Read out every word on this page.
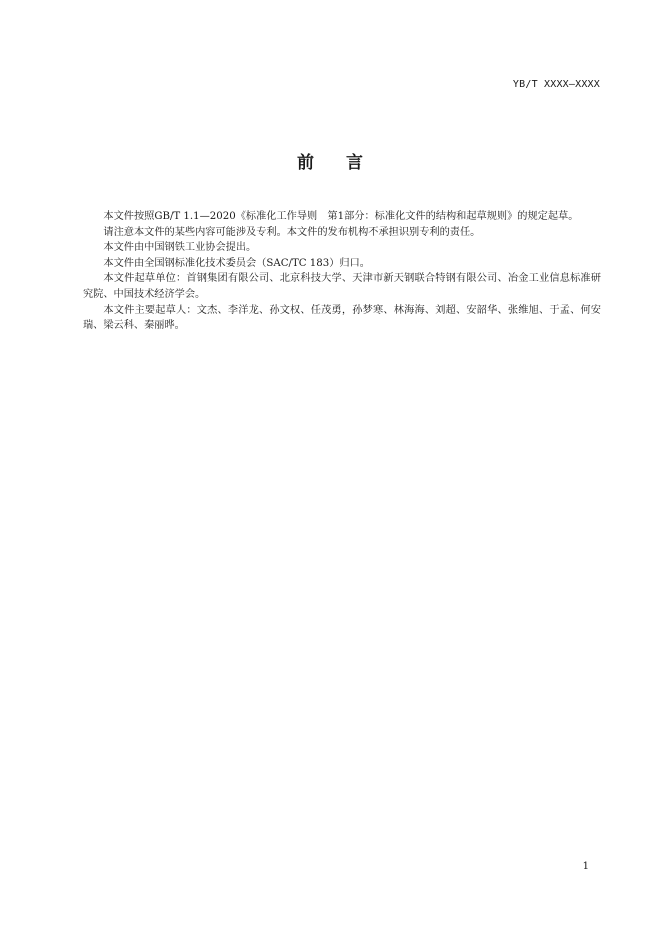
YB/T XXXX—XXXX
前 言

本文件按照GB/T 1.1—2020《标准化工作导则　第1部分：标准化文件的结构和起草规则》的规定起草。

请注意本文件的某些内容可能涉及专利。本文件的发布机构不承担识别专利的责任。

本文件由中国钢铁工业协会提出。

本文件由全国钢标准化技术委员会（SAC/TC 183）归口。

本文件起草单位：首钢集团有限公司、北京科技大学、天津市新天钢联合特钢有限公司、冶金工业信息标准研究院、中国技术经济学会。

本文件主要起草人：文杰、李洋龙、孙文权、任茂勇，孙梦寒、林海海、刘超、安韶华、张维旭、于孟、何安瑞、梁云科、秦丽晔。

1
